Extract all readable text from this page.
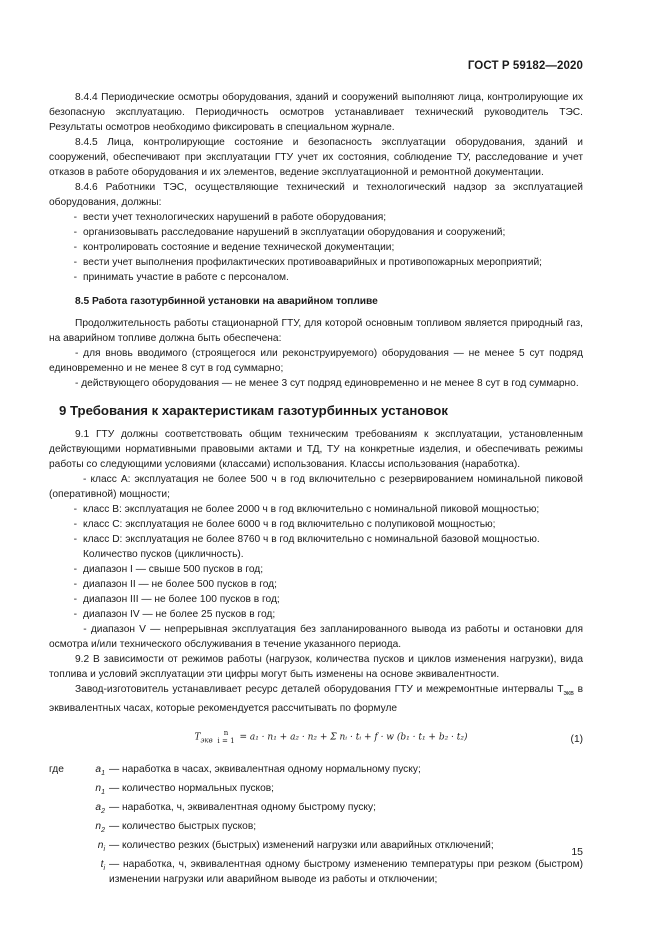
ГОСТ Р 59182—2020

8.4.4 Периодические осмотры оборудования, зданий и сооружений выполняют лица, контролирующие их безопасную эксплуатацию. Периодичность осмотров устанавливает технический руководитель ТЭС. Результаты осмотров необходимо фиксировать в специальном журнале.

8.4.5 Лица, контролирующие состояние и безопасность эксплуатации оборудования, зданий и сооружений, обеспечивают при эксплуатации ГТУ учет их состояния, соблюдение ТУ, расследование и учет отказов в работе оборудования и их элементов, ведение эксплуатационной и ремонтной документации.

8.4.6 Работники ТЭС, осуществляющие технический и технологический надзор за эксплуатацией оборудования, должны:

- вести учет технологических нарушений в работе оборудования;
- организовывать расследование нарушений в эксплуатации оборудования и сооружений;
- контролировать состояние и ведение технической документации;
- вести учет выполнения профилактических противоаварийных и противопожарных мероприятий;
- принимать участие в работе с персоналом.

8.5 Работа газотурбинной установки на аварийном топливе

Продолжительность работы стационарной ГТУ, для которой основным топливом является природный газ, на аварийном топливе должна быть обеспечена:

- для вновь вводимого (строящегося или реконструируемого) оборудования — не менее 5 сут подряд единовременно и не менее 8 сут в год суммарно;

- действующего оборудования — не менее 3 сут подряд единовременно и не менее 8 сут в год суммарно.

9 Требования к характеристикам газотурбинных установок

9.1 ГТУ должны соответствовать общим техническим требованиям к эксплуатации, установленным действующими нормативными правовыми актами и ТД, ТУ на конкретные изделия, и обеспечивать режимы работы со следующими условиями (классами) использования. Классы использования (наработка).

- класс A: эксплуатация не более 500 ч в год включительно с резервированием номинальной пиковой (оперативной) мощности;

- класс B: эксплуатация не более 2000 ч в год включительно с номинальной пиковой мощностью;
- класс C: эксплуатация не более 6000 ч в год включительно с полупиковой мощностью;
- класс D: эксплуатация не более 8760 ч в год включительно с номинальной базовой мощностью.
Количество пусков (цикличность).
- диапазон I — свыше 500 пусков в год;
- диапазон II — не более 500 пусков в год;
- диапазон III — не более 100 пусков в год;
- диапазон IV — не более 25 пусков в год;

- диапазон V — непрерывная эксплуатация без запланированного вывода из работы и остановки для осмотра и/или технического обслуживания в течение указанного периода.

9.2 В зависимости от режимов работы (нагрузок, количества пусков и циклов изменения нагрузки), вида топлива и условий эксплуатации эти цифры могут быть изменены на основе эквивалентности.

Завод-изготовитель устанавливает ресурс деталей оборудования ГТУ и межремонтные интервалы $T_{экв}$ в эквивалентных часах, которые рекомендуется рассчитывать по формуле

$T_{экв}$ n
i = 1 = a₁ · n₁ + a₂ · n₂ + Σ nᵢ · tᵢ + f · w (b₁ · t₁ + b₂ · t₂)	(1)
где	$a_1$ — наработка в часах, эквивалентная одному нормальному пуску;
$n_1$ — количество нормальных пусков;
$a_2$ — наработка, ч, эквивалентная одному быстрому пуску;
$n_2$ — количество быстрых пусков;
$n_i$ — количество резких (быстрых) изменений нагрузки или аварийных отключений;
$t_i$ — наработка, ч, эквивалентная одному быстрому изменению температуры при резком (быстром) изменении нагрузки или аварийном выводе из работы и отключении;
15
